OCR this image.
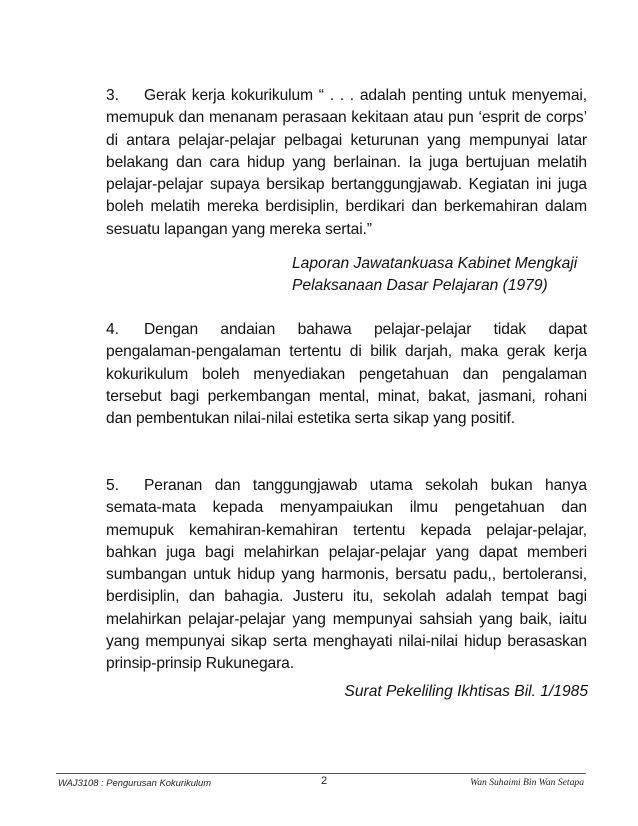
3. Gerak kerja kokurikulum “ . . . adalah penting untuk menyemai, memupuk dan menanam perasaan kekitaan atau pun ‘esprit de corps’ di antara pelajar-pelajar pelbagai keturunan yang mempunyai latar belakang dan cara hidup yang berlainan. Ia juga bertujuan melatih pelajar-pelajar supaya bersikap bertanggungjawab. Kegiatan ini juga boleh melatih mereka berdisiplin, berdikari dan berkemahiran dalam sesuatu lapangan yang mereka sertai.”
Laporan Jawatankuasa Kabinet Mengkaji
Pelaksanaan Dasar Pelajaran (1979)
4. Dengan andaian bahawa pelajar-pelajar tidak dapat pengalaman-pengalaman tertentu di bilik darjah, maka gerak kerja kokurikulum boleh menyediakan pengetahuan dan pengalaman tersebut bagi perkembangan mental, minat, bakat, jasmani, rohani dan pembentukan nilai-nilai estetika serta sikap yang positif.
5. Peranan dan tanggungjawab utama sekolah bukan hanya semata-mata kepada menyampaiukan ilmu pengetahuan dan memupuk kemahiran-kemahiran tertentu kepada pelajar-pelajar, bahkan juga bagi melahirkan pelajar-pelajar yang dapat memberi sumbangan untuk hidup yang harmonis, bersatu padu,, bertoleransi, berdisiplin, dan bahagia. Justeru itu, sekolah adalah tempat bagi melahirkan pelajar-pelajar yang mempunyai sahsiah yang baik, iaitu yang mempunyai sikap serta menghayati nilai-nilai hidup berasaskan prinsip-prinsip Rukunegara.
Surat Pekeliling Ikhtisas Bil. 1/1985
WAJ3108 : Pengurusan Kokurikulum	2	Wan Suhaimi Bin Wan Setapa
